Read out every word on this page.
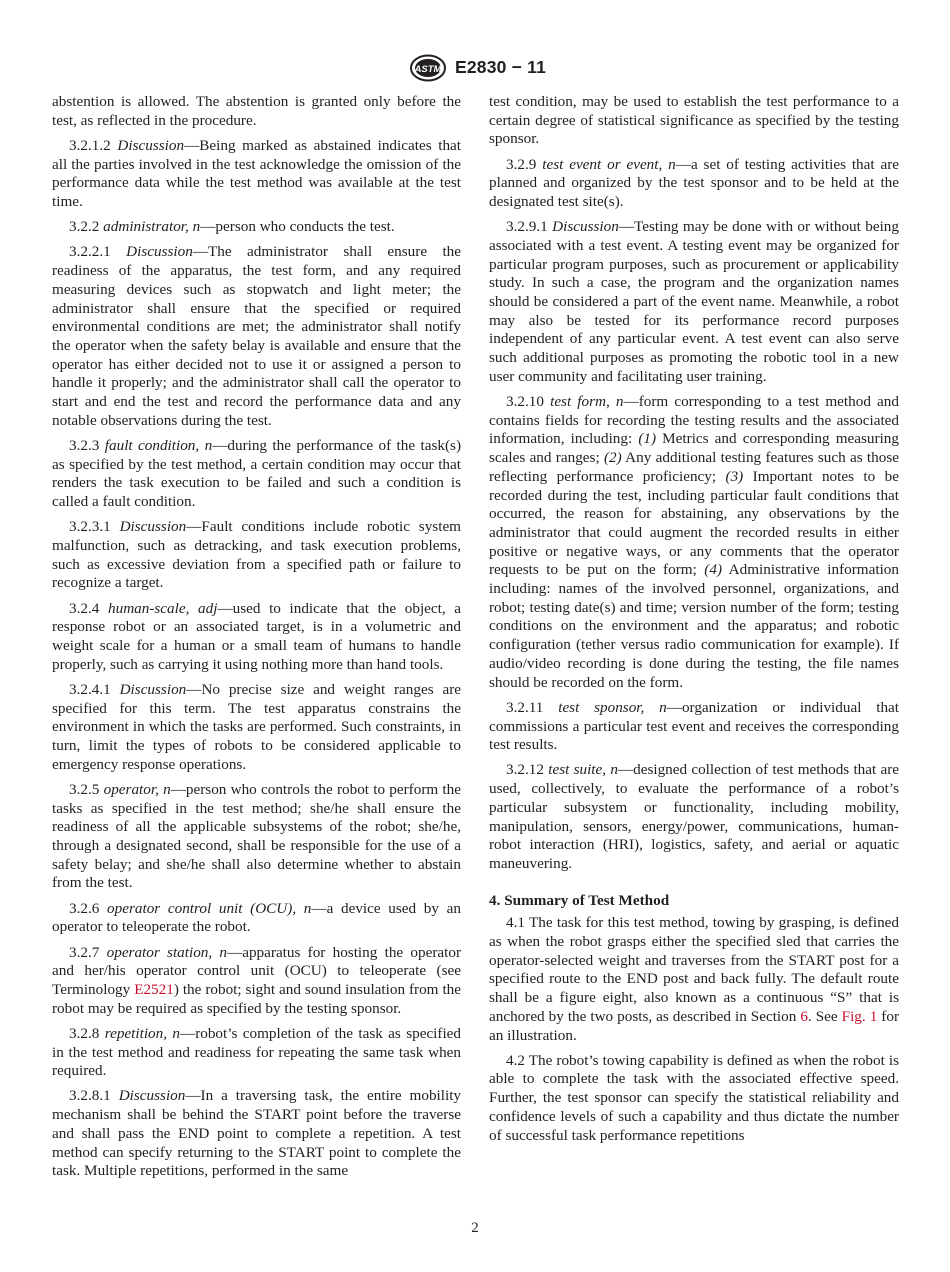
ASTM E2830 − 11

abstention is allowed. The abstention is granted only before the test, as reflected in the procedure.

3.2.1.2 Discussion—Being marked as abstained indicates that all the parties involved in the test acknowledge the omission of the performance data while the test method was available at the test time.

3.2.2 administrator, n—person who conducts the test.

3.2.2.1 Discussion—The administrator shall ensure the readiness of the apparatus, the test form, and any required measuring devices such as stopwatch and light meter; the administrator shall ensure that the specified or required environmental conditions are met; the administrator shall notify the operator when the safety belay is available and ensure that the operator has either decided not to use it or assigned a person to handle it properly; and the administrator shall call the operator to start and end the test and record the performance data and any notable observations during the test.

3.2.3 fault condition, n—during the performance of the task(s) as specified by the test method, a certain condition may occur that renders the task execution to be failed and such a condition is called a fault condition.

3.2.3.1 Discussion—Fault conditions include robotic system malfunction, such as detracking, and task execution problems, such as excessive deviation from a specified path or failure to recognize a target.

3.2.4 human-scale, adj—used to indicate that the object, a response robot or an associated target, is in a volumetric and weight scale for a human or a small team of humans to handle properly, such as carrying it using nothing more than hand tools.

3.2.4.1 Discussion—No precise size and weight ranges are specified for this term. The test apparatus constrains the environment in which the tasks are performed. Such constraints, in turn, limit the types of robots to be considered applicable to emergency response operations.

3.2.5 operator, n—person who controls the robot to perform the tasks as specified in the test method; she/he shall ensure the readiness of all the applicable subsystems of the robot; she/he, through a designated second, shall be responsible for the use of a safety belay; and she/he shall also determine whether to abstain from the test.

3.2.6 operator control unit (OCU), n—a device used by an operator to teleoperate the robot.

3.2.7 operator station, n—apparatus for hosting the operator and her/his operator control unit (OCU) to teleoperate (see Terminology E2521) the robot; sight and sound insulation from the robot may be required as specified by the testing sponsor.

3.2.8 repetition, n—robot’s completion of the task as specified in the test method and readiness for repeating the same task when required.

3.2.8.1 Discussion—In a traversing task, the entire mobility mechanism shall be behind the START point before the traverse and shall pass the END point to complete a repetition. A test method can specify returning to the START point to complete the task. Multiple repetitions, performed in the same

test condition, may be used to establish the test performance to a certain degree of statistical significance as specified by the testing sponsor.

3.2.9 test event or event, n—a set of testing activities that are planned and organized by the test sponsor and to be held at the designated test site(s).

3.2.9.1 Discussion—Testing may be done with or without being associated with a test event. A testing event may be organized for particular program purposes, such as procurement or applicability study. In such a case, the program and the organization names should be considered a part of the event name. Meanwhile, a robot may also be tested for its performance record purposes independent of any particular event. A test event can also serve such additional purposes as promoting the robotic tool in a new user community and facilitating user training.

3.2.10 test form, n—form corresponding to a test method and contains fields for recording the testing results and the associated information, including: (1) Metrics and corresponding measuring scales and ranges; (2) Any additional testing features such as those reflecting performance proficiency; (3) Important notes to be recorded during the test, including particular fault conditions that occurred, the reason for abstaining, any observations by the administrator that could augment the recorded results in either positive or negative ways, or any comments that the operator requests to be put on the form; (4) Administrative information including: names of the involved personnel, organizations, and robot; testing date(s) and time; version number of the form; testing conditions on the environment and the apparatus; and robotic configuration (tether versus radio communication for example). If audio/video recording is done during the testing, the file names should be recorded on the form.

3.2.11 test sponsor, n—organization or individual that commissions a particular test event and receives the corresponding test results.

3.2.12 test suite, n—designed collection of test methods that are used, collectively, to evaluate the performance of a robot’s particular subsystem or functionality, including mobility, manipulation, sensors, energy/power, communications, human-robot interaction (HRI), logistics, safety, and aerial or aquatic maneuvering.

4. Summary of Test Method

4.1 The task for this test method, towing by grasping, is defined as when the robot grasps either the specified sled that carries the operator-selected weight and traverses from the START post for a specified route to the END post and back fully. The default route shall be a figure eight, also known as a continuous “S” that is anchored by the two posts, as described in Section 6. See Fig. 1 for an illustration.

4.2 The robot’s towing capability is defined as when the robot is able to complete the task with the associated effective speed. Further, the test sponsor can specify the statistical reliability and confidence levels of such a capability and thus dictate the number of successful task performance repetitions

2
